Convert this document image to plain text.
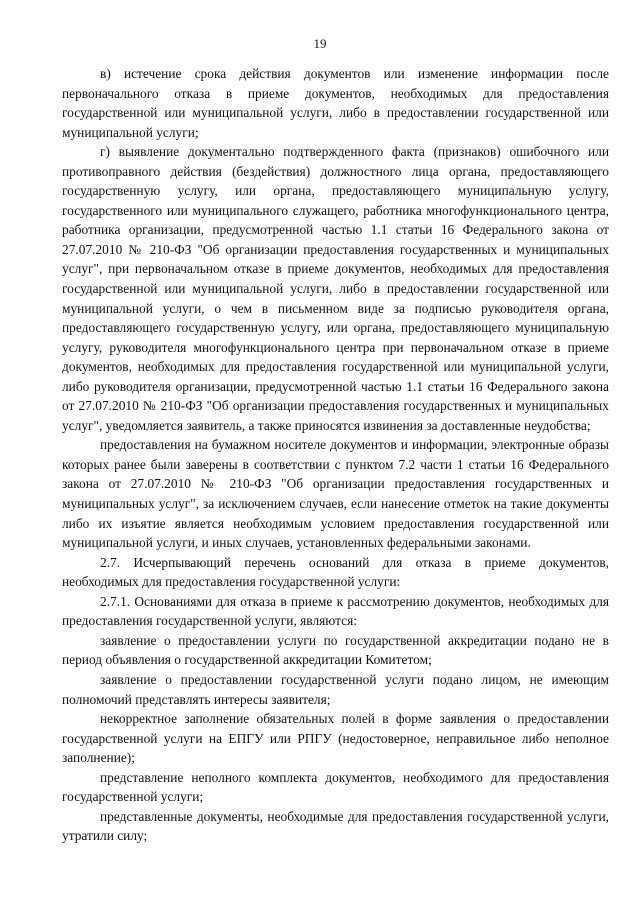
19

в) истечение срока действия документов или изменение информации после первоначального отказа в приеме документов, необходимых для предоставления государственной или муниципальной услуги, либо в предоставлении государственной или муниципальной услуги;

г) выявление документально подтвержденного факта (признаков) ошибочного или противоправного действия (бездействия) должностного лица органа, предоставляющего государственную услугу, или органа, предоставляющего муниципальную услугу, государственного или муниципального служащего, работника многофункционального центра, работника организации, предусмотренной частью 1.1 статьи 16 Федерального закона от 27.07.2010 № 210-ФЗ "Об организации предоставления государственных и муниципальных услуг", при первоначальном отказе в приеме документов, необходимых для предоставления государственной или муниципальной услуги, либо в предоставлении государственной или муниципальной услуги, о чем в письменном виде за подписью руководителя органа, предоставляющего государственную услугу, или органа, предоставляющего муниципальную услугу, руководителя многофункционального центра при первоначальном отказе в приеме документов, необходимых для предоставления государственной или муниципальной услуги, либо руководителя организации, предусмотренной частью 1.1 статьи 16 Федерального закона от 27.07.2010 № 210-ФЗ "Об организации предоставления государственных и муниципальных услуг", уведомляется заявитель, а также приносятся извинения за доставленные неудобства;

предоставления на бумажном носителе документов и информации, электронные образы которых ранее были заверены в соответствии с пунктом 7.2 части 1 статьи 16 Федерального закона от 27.07.2010 № 210-ФЗ "Об организации предоставления государственных и муниципальных услуг", за исключением случаев, если нанесение отметок на такие документы либо их изъятие является необходимым условием предоставления государственной или муниципальной услуги, и иных случаев, установленных федеральными законами.

2.7. Исчерпывающий перечень оснований для отказа в приеме документов, необходимых для предоставления государственной услуги:

2.7.1. Основаниями для отказа в приеме к рассмотрению документов, необходимых для предоставления государственной услуги, являются:

заявление о предоставлении услуги по государственной аккредитации подано не в период объявления о государственной аккредитации Комитетом;

заявление о предоставлении государственной услуги подано лицом, не имеющим полномочий представлять интересы заявителя;

некорректное заполнение обязательных полей в форме заявления о предоставлении государственной услуги на ЕПГУ или РПГУ (недостоверное, неправильное либо неполное заполнение);

представление неполного комплекта документов, необходимого для предоставления государственной услуги;

представленные документы, необходимые для предоставления государственной услуги, утратили силу;
